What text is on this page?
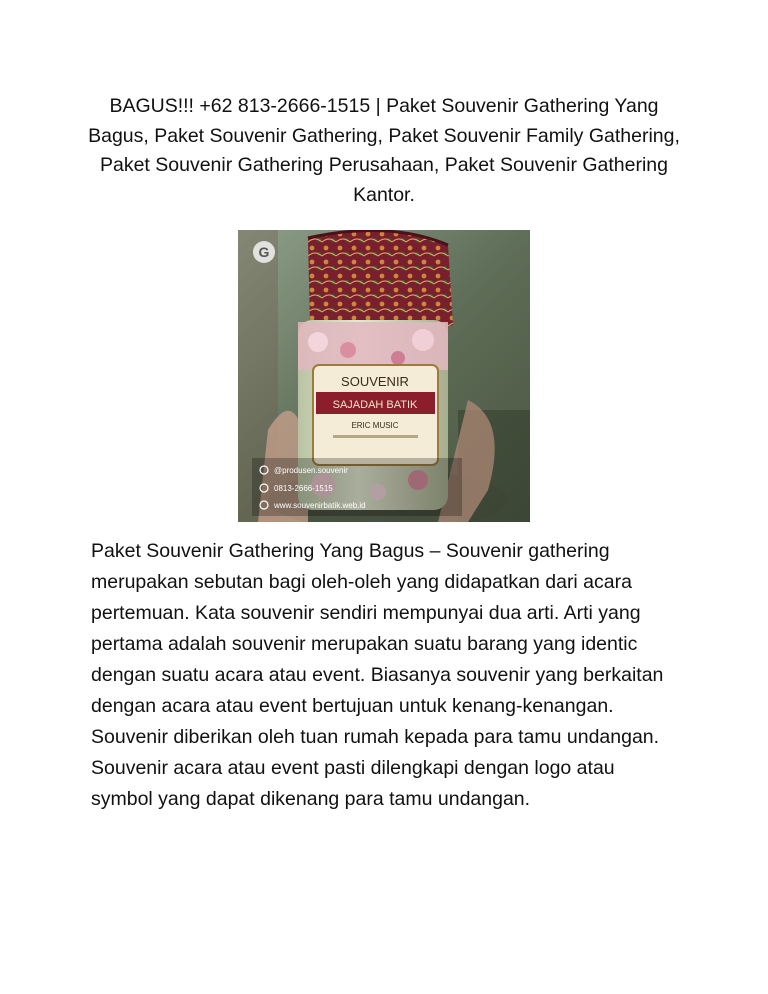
BAGUS!!! +62 813-2666-1515 | Paket Souvenir Gathering Yang Bagus, Paket Souvenir Gathering, Paket Souvenir Family Gathering, Paket Souvenir Gathering Perusahaan, Paket Souvenir Gathering Kantor.
SOUVENIR
SAJADAH BATIK
ERIC MUSIC
G
@produsen.souvenir
0813-2666-1515
www.souvenirbatik.web.id

Paket Souvenir Gathering Yang Bagus – Souvenir gathering merupakan sebutan bagi oleh-oleh yang didapatkan dari acara pertemuan. Kata souvenir sendiri mempunyai dua arti. Arti yang pertama adalah souvenir merupakan suatu barang yang identic dengan suatu acara atau event. Biasanya souvenir yang berkaitan dengan acara atau event bertujuan untuk kenang-kenangan. Souvenir diberikan oleh tuan rumah kepada para tamu undangan. Souvenir acara atau event pasti dilengkapi dengan logo atau symbol yang dapat dikenang para tamu undangan.
